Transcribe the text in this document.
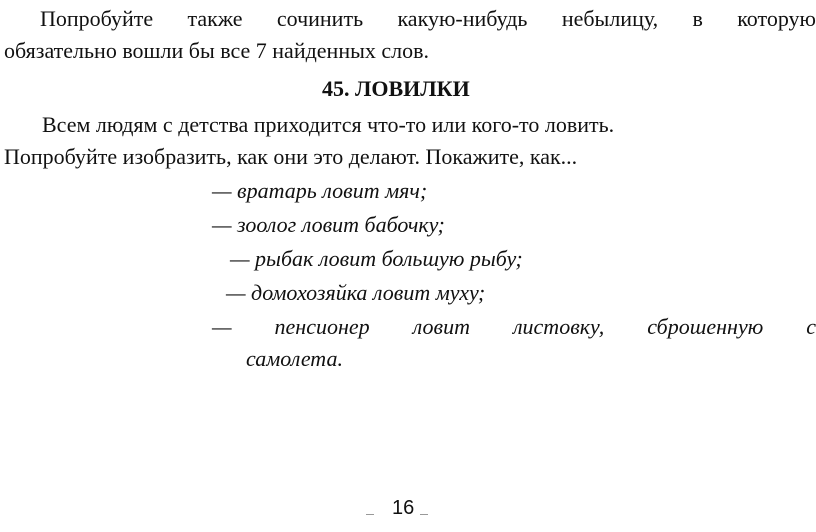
Попробуйте также сочинить какую-нибудь небылицу, в которую
обязательно вошли бы все 7 найденных слов.
45. ЛОВИЛКИ
Всем людям с детства приходится что-то или кого-то ловить.
Попробуйте изобразить, как они это делают. Покажите, как...
— вратарь ловит мяч;
— зоолог ловит бабочку;
— рыбак ловит большую рыбу;
— домохозяйка ловит муху;
— пенсионер ловит листовку, сброшенную с
самолета.
16
